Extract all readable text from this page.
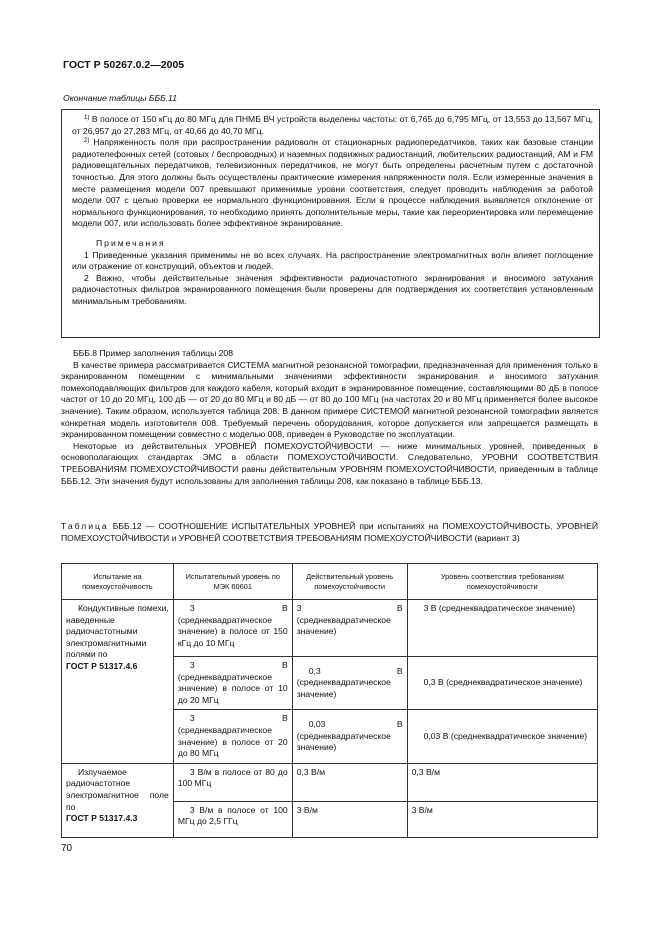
ГОСТ Р 50267.0.2—2005
Окончание таблицы БББ.11

$^{1)}$ В полосе от 150 кГц до 80 МГц для ПНМБ ВЧ устройств выделены частоты: от 6,765 до 6,795 МГц, от 13,553 до 13,567 МГц, от 26,957 до 27,283 МГц, от 40,66 до 40,70 МГц.

$^{2)}$ Напряженность поля при распространении радиоволн от стационарных радиопередатчиков, таких как базовые станции радиотелефонных сетей (сотовых / беспроводных) и наземных подвижных радиостанций, любительских радиостанций, АМ и FM радиовещательных передатчиков, телевизионных передатчиков, не могут быть определены расчетным путем с достаточной точностью. Для этого должны быть осуществлены практические измерения напряженности поля. Если измеренные значения в месте размещения модели 007 превышают применимые уровни соответствия, следует проводить наблюдения за работой модели 007 с целью проверки ее нормального функционирования. Если в процессе наблюдения выявляется отклонение от нормального функционирования, то необходимо принять дополнительные меры, такие как переориентировка или перемещение модели 007, или использовать более эффективное экранирование.

Примечания

1 Приведенные указания применимы не во всех случаях. На распространение электромагнитных волн влияет поглощение или отражение от конструкций, объектов и людей.

2 Важно, чтобы действительные значения эффективности радиочастотного экранирования и вносимого затухания радиочастотных фильтров экранированного помещения были проверены для подтверждения их соответствия установленным минимальным требованиям.

БББ.8 Пример заполнения таблицы 208

В качестве примера рассматривается СИСТЕМА магнитной резонансной томографии, предназначенная для применения только в экранированном помещении с минимальными значениями эффективности экранирования и вносимого затухания помехоподавляющих фильтров для каждого кабеля, который входит в экранированное помещение, составляющими 80 дБ в полосе частот от 10 до 20 МГц, 100 дБ — от 20 до 80 МГц и 80 дБ — от 80 до 100 МГц (на частотах 20 и 80 МГц применяется более высокое значение). Таким образом, используется таблица 208. В данном примере СИСТЕМОЙ магнитной резонансной томографии является конкретная модель изготовителя 008. Требуемый перечень оборудования, которое допускается или запрещается размещать в экранированном помещении совместно с моделью 008, приведен в Руководстве по эксплуатации.

Некоторые из действительных УРОВНЕЙ ПОМЕХОУСТОЙЧИВОСТИ — ниже минимальных уровней, приведенных в основополагающих стандартах ЭМС в области ПОМЕХОУСТОЙЧИВОСТИ. Следовательно, УРОВНИ СООТВЕТСТВИЯ ТРЕБОВАНИЯМ ПОМЕХОУСТОЙЧИВОСТИ равны действительным УРОВНЯМ ПОМЕХОУСТОЙЧИВОСТИ, приведенным в таблице БББ.12. Эти значения будут использованы для заполнения таблицы 208, как показано в таблице БББ.13.

Таблица БББ.12 — СООТНОШЕНИЕ ИСПЫТАТЕЛЬНЫХ УРОВНЕЙ при испытаниях на ПОМЕХОУСТОЙЧИВОСТЬ, УРОВНЕЙ ПОМЕХОУСТОЙЧИВОСТИ и УРОВНЕЙ СООТВЕТСТВИЯ ТРЕБОВАНИЯМ ПОМЕХОУСТОЙЧИВОСТИ (вариант 3)
Испытание на помехоустойчивость	Испытательный уровень по МЭК 60601	Действительный уровень помехоустойчивости	Уровень соответствия требованиям помехоустойчивости

Кондуктивные помехи, наведенные радиочастотными электромагнитными полями по
ГОСТ Р 51317.4.6	3 В (среднеквадратическое значение) в полосе от 150 кГц до 10 МГц	3 В (среднеквадратическое значение)	3 В (среднеквадратическое значение)
	3 В (среднеквадратическое значение) в полосе от 10 до 20 МГц	0,3 В (среднеквадратическое значение)	0,3 В (среднеквадратическое значение)
	3 В (среднеквадратическое значение) в полосе от 20 до 80 МГц	0,03 В (среднеквадратическое значение)	0,03 В (среднеквадратическое значение)

Излучаемое радиочастотное электромагнитное поле по
ГОСТ Р 51317.4.3	3 В/м в полосе от 80 до 100 МГц	0,3 В/м	0,3 В/м
	3 В/м в полосе от 100 МГц до 2,5 ГГц	3 В/м	3 В/м
70
